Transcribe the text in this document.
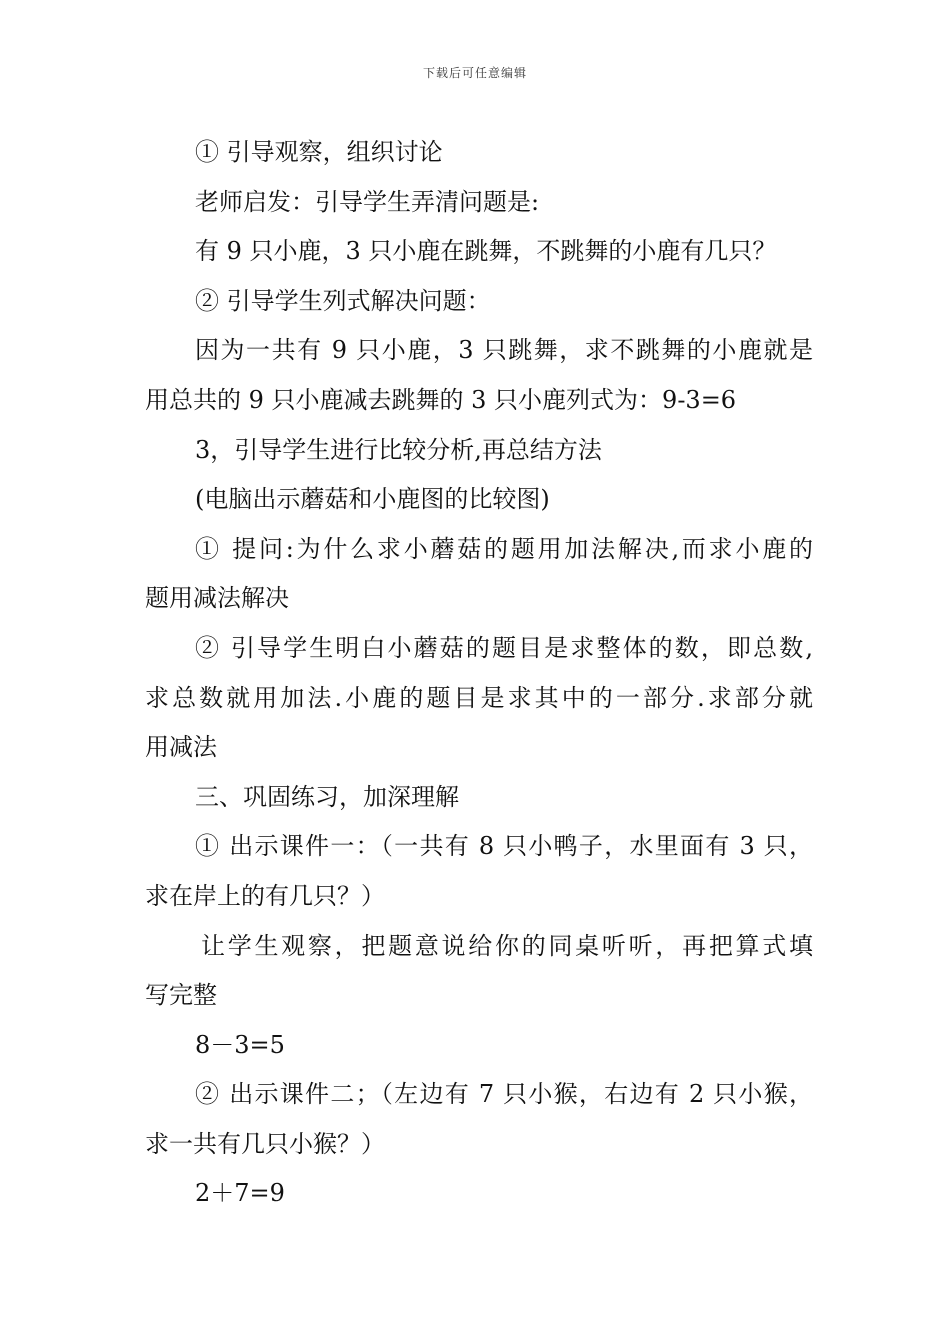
下载后可任意编辑
① 引导观察，组织讨论
老师启发：引导学生弄清问题是:
有 9 只小鹿，3 只小鹿在跳舞，不跳舞的小鹿有几只？
② 引导学生列式解决问题：
因为一共有 9 只小鹿，3 只跳舞，求不跳舞的小鹿就是
用总共的 9 只小鹿减去跳舞的 3 只小鹿列式为：9-3=6
3，引导学生进行比较分析,再总结方法
(电脑出示蘑菇和小鹿图的比较图)
① 提问:为什么求小蘑菇的题用加法解决,而求小鹿的
题用减法解决
② 引导学生明白小蘑菇的题目是求整体的数，即总数,
求总数就用加法.小鹿的题目是求其中的一部分.求部分就
用减法
三、巩固练习，加深理解
① 出示课件一：（一共有 8 只小鸭子，水里面有 3 只，
求在岸上的有几只？）
让学生观察，把题意说给你的同桌听听，再把算式填
写完整
8－3=5
② 出示课件二；（左边有 7 只小猴，右边有 2 只小猴，
求一共有几只小猴？）
2＋7=9
